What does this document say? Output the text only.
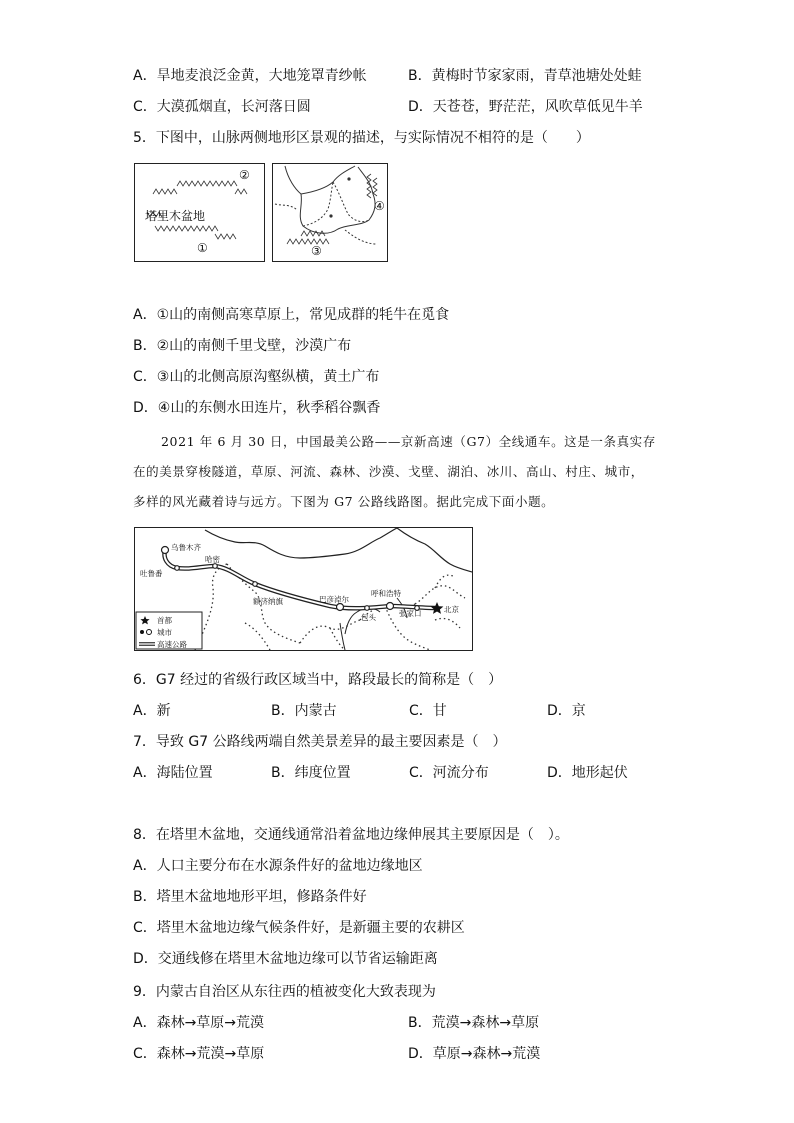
A．旱地麦浪泛金黄，大地笼罩青纱帐	B．黄梅时节家家雨，青草池塘处处蛙
C．大漠孤烟直，长河落日圆	D．天苍苍，野茫茫，风吹草低见牛羊
5．下图中，山脉两侧地形区景观的描述，与实际情况不相符的是（　　）
塔里木盆地
②
①
④
③
A．①山的南侧高寒草原上，常见成群的牦牛在觅食
B．②山的南侧千里戈壁，沙漠广布
C．③山的北侧高原沟壑纵横，黄土广布
D．④山的东侧水田连片，秋季稻谷飘香
2021 年 6 月 30 日，中国最美公路——京新高速（G7）全线通车。这是一条真实存
在的美景穿梭隧道，草原、河流、森林、沙漠、戈壁、湖泊、冰川、高山、村庄、城市，
多样的风光藏着诗与远方。下图为 G7 公路线路图。据此完成下面小题。
乌鲁木齐
吐鲁番
哈密
额济纳旗	巴彦淖尔
呼和浩特
包头	张家口	北京
首都
城市
高速公路
6．G7 经过的省级行政区域当中，路段最长的简称是（　）
A．新	B．内蒙古	C．甘	D．京
7．导致 G7 公路线两端自然美景差异的最主要因素是（　）
A．海陆位置	B．纬度位置	C．河流分布	D．地形起伏
8．在塔里木盆地，交通线通常沿着盆地边缘伸展其主要原因是（　）。
A．人口主要分布在水源条件好的盆地边缘地区
B．塔里木盆地地形平坦，修路条件好
C．塔里木盆地边缘气候条件好，是新疆主要的农耕区
D．交通线修在塔里木盆地边缘可以节省运输距离
9．内蒙古自治区从东往西的植被变化大致表现为
A．森林→草原→荒漠	B．荒漠→森林→草原
C．森林→荒漠→草原	D．草原→森林→荒漠
